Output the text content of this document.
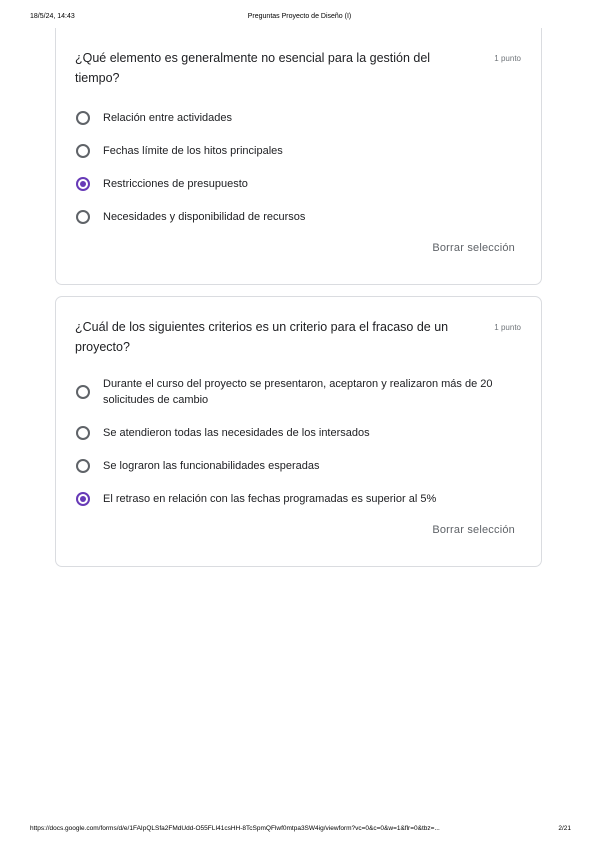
18/5/24, 14:43	Preguntas Proyecto de Diseño (I)
¿Qué elemento es generalmente no esencial para la gestión del tiempo?
1 punto
Relación entre actividades
Fechas límite de los hitos principales
Restricciones de presupuesto
Necesidades y disponibilidad de recursos
Borrar selección
¿Cuál de los siguientes criterios es un criterio para el fracaso de un proyecto?
1 punto
Durante el curso del proyecto se presentaron, aceptaron y realizaron más de 20 solicitudes de cambio
Se atendieron todas las necesidades de los intersados
Se lograron las funcionabilidades esperadas
El retraso en relación con las fechas programadas es superior al 5%
Borrar selección
https://docs.google.com/forms/d/e/1FAIpQLSfa2FMdUdd-O55FLI41csHH-8TcSpmQFlwf0mtpa3SW4ig/viewform?vc=0&c=0&w=1&flr=0&tbz=...	2/21
